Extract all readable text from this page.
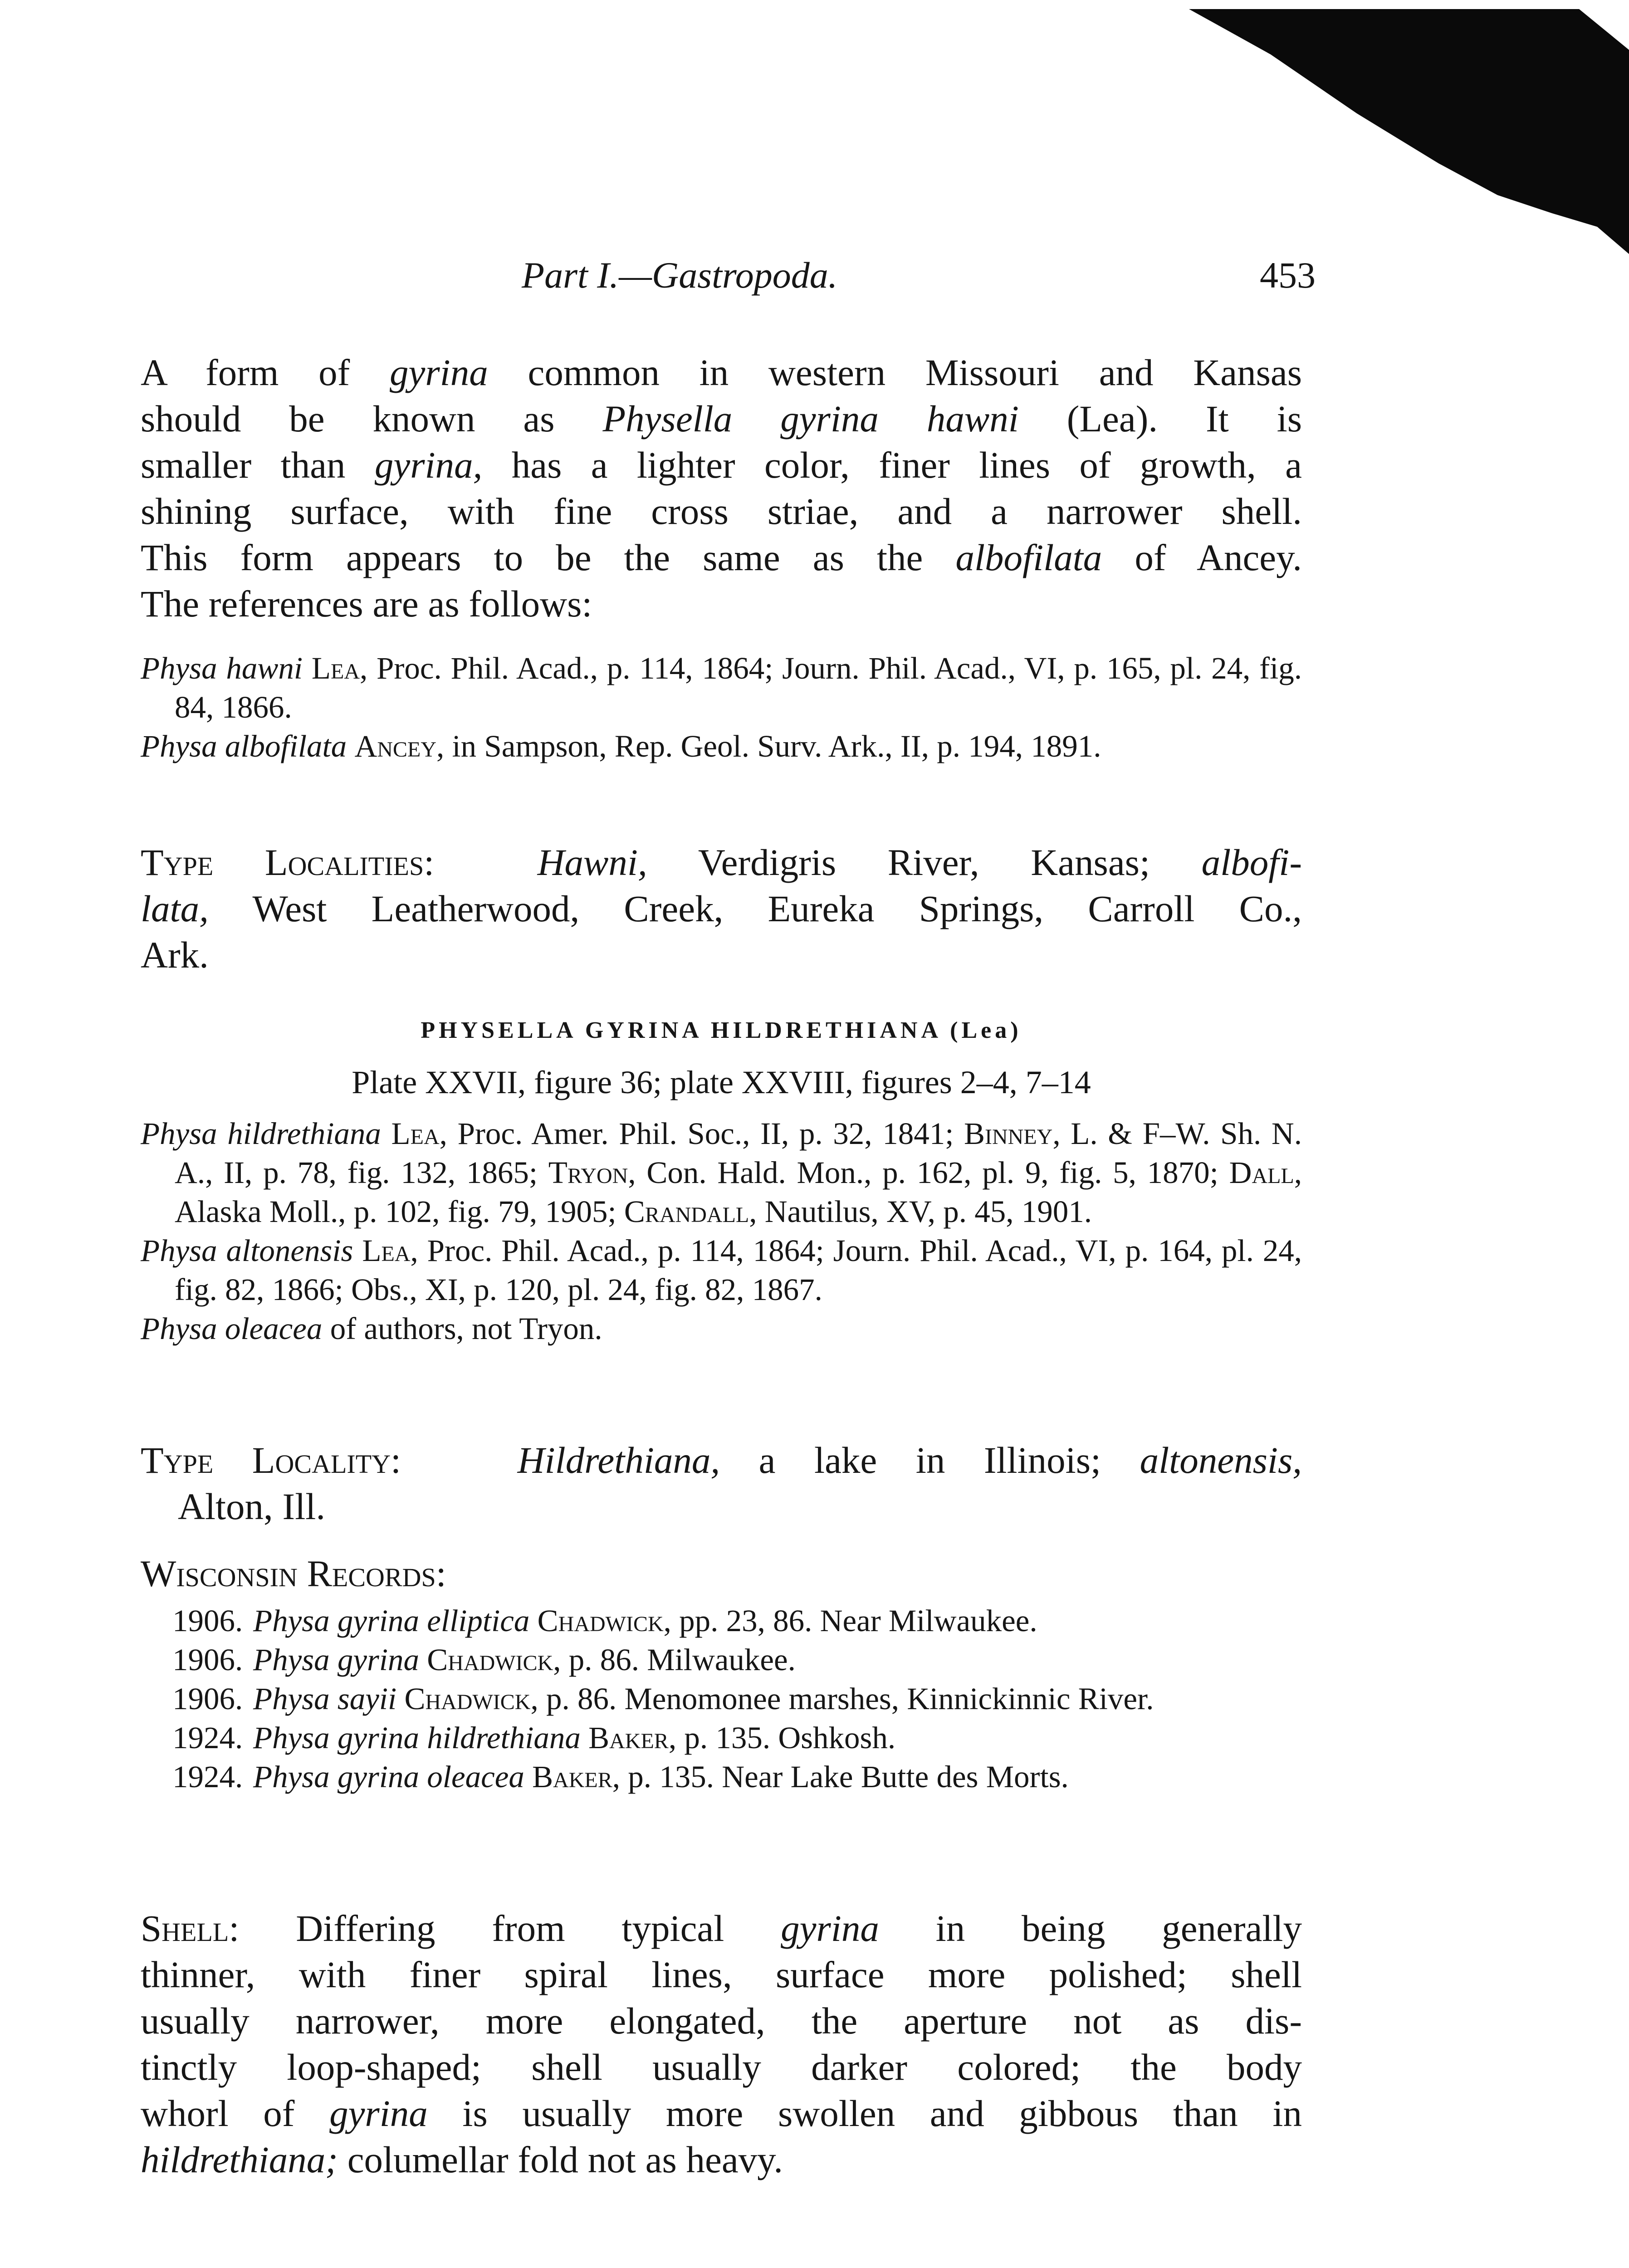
Part I.—Gastropoda.	453
A form of gyrina common in western Missouri and Kansas
should be known as Physella gyrina hawni (Lea). It is
smaller than gyrina, has a lighter color, finer lines of growth, a
shining surface, with fine cross striae, and a narrower shell.
This form appears to be the same as the albofilata of Ancey.
The references are as follows:
Physa hawni Lea, Proc. Phil. Acad., p. 114, 1864; Journ. Phil. Acad., VI, p. 165, pl. 24, fig. 84, 1866.
Physa albofilata Ancey, in Sampson, Rep. Geol. Surv. Ark., II, p. 194, 1891.
Type Localities:	Hawni, Verdigris River, Kansas; albofi-
lata, West Leatherwood, Creek, Eureka Springs, Carroll Co.,
Ark.
PHYSELLA GYRINA HILDRETHIANA (Lea)
Plate XXVII, figure 36; plate XXVIII, figures 2–4, 7–14
Physa hildrethiana Lea, Proc. Amer. Phil. Soc., II, p. 32, 1841; Binney, L. & F–W. Sh. N. A., II, p. 78, fig. 132, 1865; Tryon, Con. Hald. Mon., p. 162, pl. 9, fig. 5, 1870; Dall, Alaska Moll., p. 102, fig. 79, 1905; Crandall, Nautilus, XV, p. 45, 1901.
Physa altonensis Lea, Proc. Phil. Acad., p. 114, 1864; Journ. Phil. Acad., VI, p. 164, pl. 24, fig. 82, 1866; Obs., XI, p. 120, pl. 24, fig. 82, 1867.
Physa oleacea of authors, not Tryon.
Type Locality:	Hildrethiana, a lake in Illinois; altonensis,
Alton, Ill.
Wisconsin Records:
1906. Physa gyrina elliptica Chadwick, pp. 23, 86. Near Milwaukee.
1906. Physa gyrina Chadwick, p. 86. Milwaukee.
1906. Physa sayii Chadwick, p. 86. Menomonee marshes, Kinnickinnic River.
1924. Physa gyrina hildrethiana Baker, p. 135. Oshkosh.
1924. Physa gyrina oleacea Baker, p. 135. Near Lake Butte des Morts.
Shell: Differing from typical gyrina in being generally
thinner, with finer spiral lines, surface more polished; shell
usually narrower, more elongated, the aperture not as dis-
tinctly loop-shaped; shell usually darker colored; the body
whorl of gyrina is usually more swollen and gibbous than in
hildrethiana; columellar fold not as heavy.
